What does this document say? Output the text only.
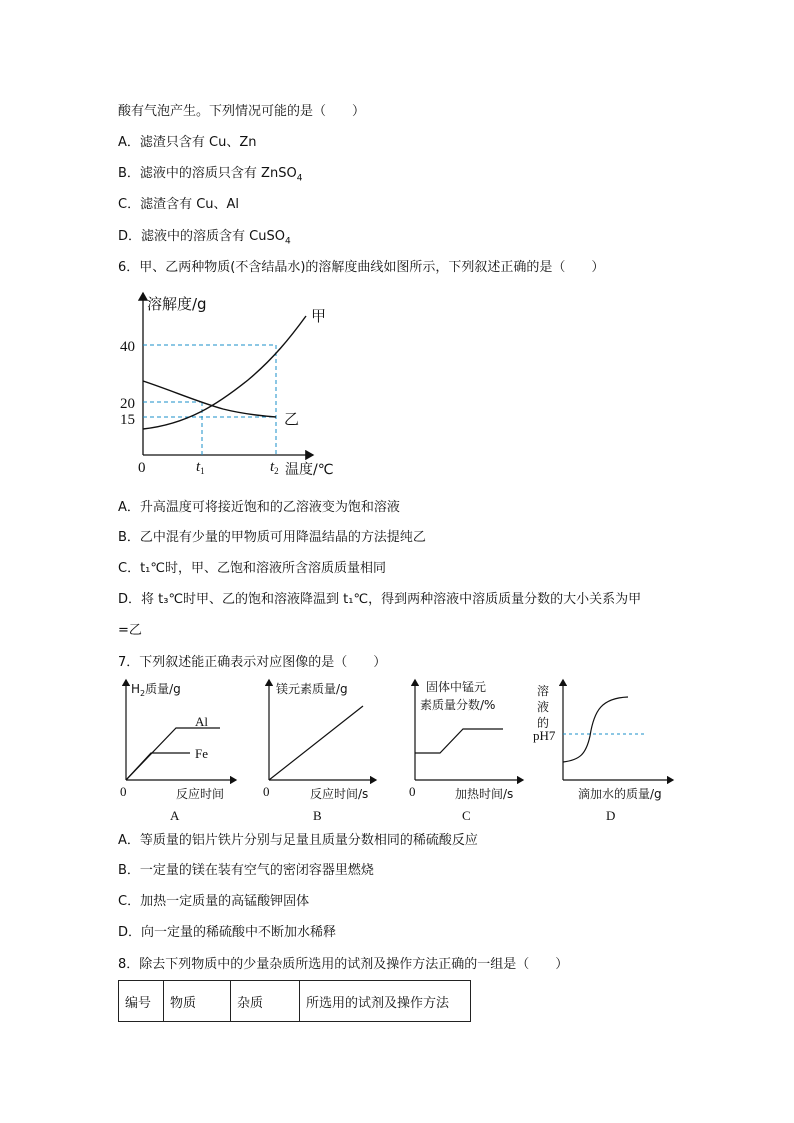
酸有气泡产生。下列情况可能的是（　　）
A．滤渣只含有 Cu、Zn
B．滤液中的溶质只含有 ZnSO$_4$
C．滤渣含有 Cu、Al
D．滤液中的溶质含有 CuSO$_4$
6．甲、乙两种物质(不含结晶水)的溶解度曲线如图所示，下列叙述正确的是（　　）
溶解度/g
温度/℃
0
40
20
15
$t_1$	$t_2$
甲
乙
A．升高温度可将接近饱和的乙溶液变为饱和溶液
B．乙中混有少量的甲物质可用降温结晶的方法提纯乙
C．t₁℃时，甲、乙饱和溶液所含溶质质量相同
D．将 t₃℃时甲、乙的饱和溶液降温到 t₁℃，得到两种溶液中溶质质量分数的大小关系为甲
=乙
7．下列叙述能正确表示对应图像的是（　　）
$H_2$质量/g
Al
Fe
0	反应时间
A
镁元素质量/g
0	反应时间/s
B
固体中锰元
素质量分数/%
0	加热时间/s
C
溶
液
的
pH7
滴加水的质量/g
D
A．等质量的铝片铁片分别与足量且质量分数相同的稀硫酸反应
B．一定量的镁在装有空气的密闭容器里燃烧
C．加热一定质量的高锰酸钾固体
D．向一定量的稀硫酸中不断加水稀释
8．除去下列物质中的少量杂质所选用的试剂及操作方法正确的一组是（　　）
编号	物质	杂质	所选用的试剂及操作方法
